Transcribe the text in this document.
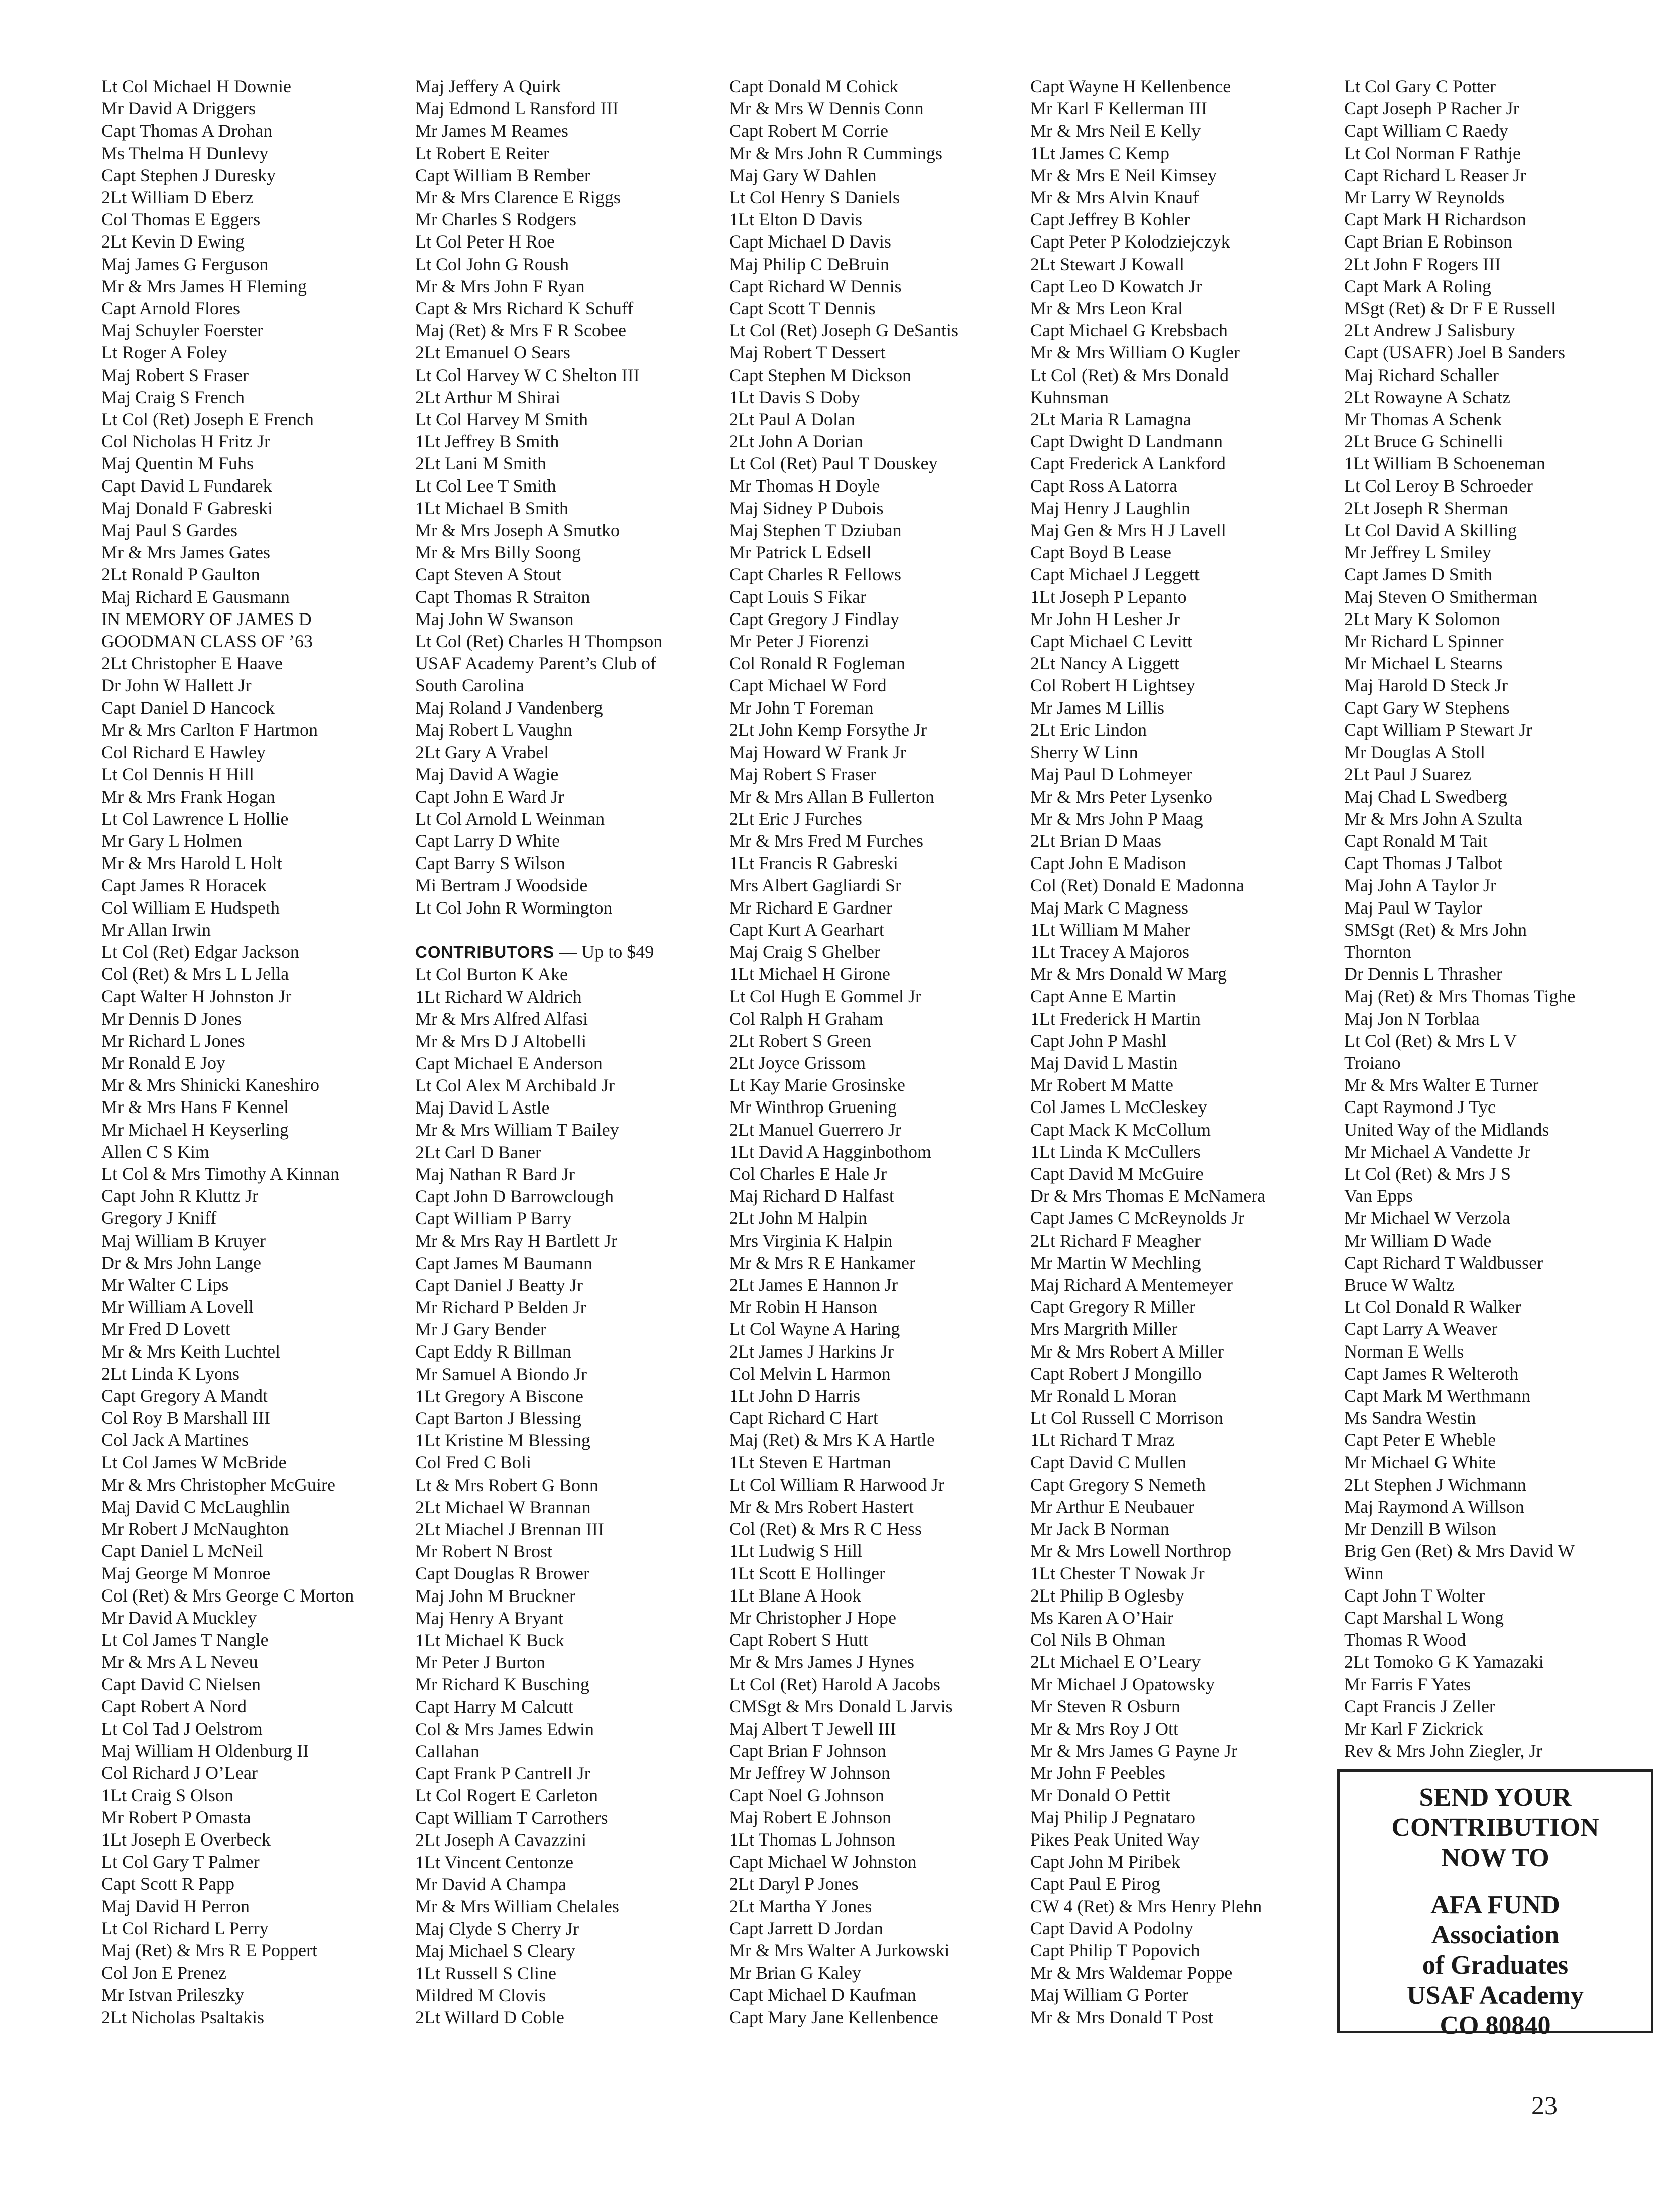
Lt Col Michael H Downie
Mr David A Driggers
Capt Thomas A Drohan
Ms Thelma H Dunlevy
Capt Stephen J Duresky
2Lt William D Eberz
Col Thomas E Eggers
2Lt Kevin D Ewing
Maj James G Ferguson
Mr & Mrs James H Fleming
Capt Arnold Flores
Maj Schuyler Foerster
Lt Roger A Foley
Maj Robert S Fraser
Maj Craig S French
Lt Col (Ret) Joseph E French
Col Nicholas H Fritz Jr
Maj Quentin M Fuhs
Capt David L Fundarek
Maj Donald F Gabreski
Maj Paul S Gardes
Mr & Mrs James Gates
2Lt Ronald P Gaulton
Maj Richard E Gausmann
IN MEMORY OF JAMES D
GOODMAN CLASS OF ’63
2Lt Christopher E Haave
Dr John W Hallett Jr
Capt Daniel D Hancock
Mr & Mrs Carlton F Hartmon
Col Richard E Hawley
Lt Col Dennis H Hill
Mr & Mrs Frank Hogan
Lt Col Lawrence L Hollie
Mr Gary L Holmen
Mr & Mrs Harold L Holt
Capt James R Horacek
Col William E Hudspeth
Mr Allan Irwin
Lt Col (Ret) Edgar Jackson
Col (Ret) & Mrs L L Jella
Capt Walter H Johnston Jr
Mr Dennis D Jones
Mr Richard L Jones
Mr Ronald E Joy
Mr & Mrs Shinicki Kaneshiro
Mr & Mrs Hans F Kennel
Mr Michael H Keyserling
Allen C S Kim
Lt Col & Mrs Timothy A Kinnan
Capt John R Kluttz Jr
Gregory J Kniff
Maj William B Kruyer
Dr & Mrs John Lange
Mr Walter C Lips
Mr William A Lovell
Mr Fred D Lovett
Mr & Mrs Keith Luchtel
2Lt Linda K Lyons
Capt Gregory A Mandt
Col Roy B Marshall III
Col Jack A Martines
Lt Col James W McBride
Mr & Mrs Christopher McGuire
Maj David C McLaughlin
Mr Robert J McNaughton
Capt Daniel L McNeil
Maj George M Monroe
Col (Ret) & Mrs George C Morton
Mr David A Muckley
Lt Col James T Nangle
Mr & Mrs A L Neveu
Capt David C Nielsen
Capt Robert A Nord
Lt Col Tad J Oelstrom
Maj William H Oldenburg II
Col Richard J O’Lear
1Lt Craig S Olson
Mr Robert P Omasta
1Lt Joseph E Overbeck
Lt Col Gary T Palmer
Capt Scott R Papp
Maj David H Perron
Lt Col Richard L Perry
Maj (Ret) & Mrs R E Poppert
Col Jon E Prenez
Mr Istvan Prileszky
2Lt Nicholas Psaltakis
Maj Jeffery A Quirk
Maj Edmond L Ransford III
Mr James M Reames
Lt Robert E Reiter
Capt William B Rember
Mr & Mrs Clarence E Riggs
Mr Charles S Rodgers
Lt Col Peter H Roe
Lt Col John G Roush
Mr & Mrs John F Ryan
Capt & Mrs Richard K Schuff
Maj (Ret) & Mrs F R Scobee
2Lt Emanuel O Sears
Lt Col Harvey W C Shelton III
2Lt Arthur M Shirai
Lt Col Harvey M Smith
1Lt Jeffrey B Smith
2Lt Lani M Smith
Lt Col Lee T Smith
1Lt Michael B Smith
Mr & Mrs Joseph A Smutko
Mr & Mrs Billy Soong
Capt Steven A Stout
Capt Thomas R Straiton
Maj John W Swanson
Lt Col (Ret) Charles H Thompson
USAF Academy Parent’s Club of
South Carolina
Maj Roland J Vandenberg
Maj Robert L Vaughn
2Lt Gary A Vrabel
Maj David A Wagie
Capt John E Ward Jr
Lt Col Arnold L Weinman
Capt Larry D White
Capt Barry S Wilson
Mi Bertram J Woodside
Lt Col John R Wormington
CONTRIBUTORS — Up to $49
Lt Col Burton K Ake
1Lt Richard W Aldrich
Mr & Mrs Alfred Alfasi
Mr & Mrs D J Altobelli
Capt Michael E Anderson
Lt Col Alex M Archibald Jr
Maj David L Astle
Mr & Mrs William T Bailey
2Lt Carl D Baner
Maj Nathan R Bard Jr
Capt John D Barrowclough
Capt William P Barry
Mr & Mrs Ray H Bartlett Jr
Capt James M Baumann
Capt Daniel J Beatty Jr
Mr Richard P Belden Jr
Mr J Gary Bender
Capt Eddy R Billman
Mr Samuel A Biondo Jr
1Lt Gregory A Biscone
Capt Barton J Blessing
1Lt Kristine M Blessing
Col Fred C Boli
Lt & Mrs Robert G Bonn
2Lt Michael W Brannan
2Lt Miachel J Brennan III
Mr Robert N Brost
Capt Douglas R Brower
Maj John M Bruckner
Maj Henry A Bryant
1Lt Michael K Buck
Mr Peter J Burton
Mr Richard K Busching
Capt Harry M Calcutt
Col & Mrs James Edwin
Callahan
Capt Frank P Cantrell Jr
Lt Col Rogert E Carleton
Capt William T Carrothers
2Lt Joseph A Cavazzini
1Lt Vincent Centonze
Mr David A Champa
Mr & Mrs William Chelales
Maj Clyde S Cherry Jr
Maj Michael S Cleary
1Lt Russell S Cline
Mildred M Clovis
2Lt Willard D Coble
Capt Donald M Cohick
Mr & Mrs W Dennis Conn
Capt Robert M Corrie
Mr & Mrs John R Cummings
Maj Gary W Dahlen
Lt Col Henry S Daniels
1Lt Elton D Davis
Capt Michael D Davis
Maj Philip C DeBruin
Capt Richard W Dennis
Capt Scott T Dennis
Lt Col (Ret) Joseph G DeSantis
Maj Robert T Dessert
Capt Stephen M Dickson
1Lt Davis S Doby
2Lt Paul A Dolan
2Lt John A Dorian
Lt Col (Ret) Paul T Douskey
Mr Thomas H Doyle
Maj Sidney P Dubois
Maj Stephen T Dziuban
Mr Patrick L Edsell
Capt Charles R Fellows
Capt Louis S Fikar
Capt Gregory J Findlay
Mr Peter J Fiorenzi
Col Ronald R Fogleman
Capt Michael W Ford
Mr John T Foreman
2Lt John Kemp Forsythe Jr
Maj Howard W Frank Jr
Maj Robert S Fraser
Mr & Mrs Allan B Fullerton
2Lt Eric J Furches
Mr & Mrs Fred M Furches
1Lt Francis R Gabreski
Mrs Albert Gagliardi Sr
Mr Richard E Gardner
Capt Kurt A Gearhart
Maj Craig S Ghelber
1Lt Michael H Girone
Lt Col Hugh E Gommel Jr
Col Ralph H Graham
2Lt Robert S Green
2Lt Joyce Grissom
Lt Kay Marie Grosinske
Mr Winthrop Gruening
2Lt Manuel Guerrero Jr
1Lt David A Hagginbothom
Col Charles E Hale Jr
Maj Richard D Halfast
2Lt John M Halpin
Mrs Virginia K Halpin
Mr & Mrs R E Hankamer
2Lt James E Hannon Jr
Mr Robin H Hanson
Lt Col Wayne A Haring
2Lt James J Harkins Jr
Col Melvin L Harmon
1Lt John D Harris
Capt Richard C Hart
Maj (Ret) & Mrs K A Hartle
1Lt Steven E Hartman
Lt Col William R Harwood Jr
Mr & Mrs Robert Hastert
Col (Ret) & Mrs R C Hess
1Lt Ludwig S Hill
1Lt Scott E Hollinger
1Lt Blane A Hook
Mr Christopher J Hope
Capt Robert S Hutt
Mr & Mrs James J Hynes
Lt Col (Ret) Harold A Jacobs
CMSgt & Mrs Donald L Jarvis
Maj Albert T Jewell III
Capt Brian F Johnson
Mr Jeffrey W Johnson
Capt Noel G Johnson
Maj Robert E Johnson
1Lt Thomas L Johnson
Capt Michael W Johnston
2Lt Daryl P Jones
2Lt Martha Y Jones
Capt Jarrett D Jordan
Mr & Mrs Walter A Jurkowski
Mr Brian G Kaley
Capt Michael D Kaufman
Capt Mary Jane Kellenbence
Capt Wayne H Kellenbence
Mr Karl F Kellerman III
Mr & Mrs Neil E Kelly
1Lt James C Kemp
Mr & Mrs E Neil Kimsey
Mr & Mrs Alvin Knauf
Capt Jeffrey B Kohler
Capt Peter P Kolodziejczyk
2Lt Stewart J Kowall
Capt Leo D Kowatch Jr
Mr & Mrs Leon Kral
Capt Michael G Krebsbach
Mr & Mrs William O Kugler
Lt Col (Ret) & Mrs Donald
Kuhnsman
2Lt Maria R Lamagna
Capt Dwight D Landmann
Capt Frederick A Lankford
Capt Ross A Latorra
Maj Henry J Laughlin
Maj Gen & Mrs H J Lavell
Capt Boyd B Lease
Capt Michael J Leggett
1Lt Joseph P Lepanto
Mr John H Lesher Jr
Capt Michael C Levitt
2Lt Nancy A Liggett
Col Robert H Lightsey
Mr James M Lillis
2Lt Eric Lindon
Sherry W Linn
Maj Paul D Lohmeyer
Mr & Mrs Peter Lysenko
Mr & Mrs John P Maag
2Lt Brian D Maas
Capt John E Madison
Col (Ret) Donald E Madonna
Maj Mark C Magness
1Lt William M Maher
1Lt Tracey A Majoros
Mr & Mrs Donald W Marg
Capt Anne E Martin
1Lt Frederick H Martin
Capt John P Mashl
Maj David L Mastin
Mr Robert M Matte
Col James L McCleskey
Capt Mack K McCollum
1Lt Linda K McCullers
Capt David M McGuire
Dr & Mrs Thomas E McNamera
Capt James C McReynolds Jr
2Lt Richard F Meagher
Mr Martin W Mechling
Maj Richard A Mentemeyer
Capt Gregory R Miller
Mrs Margrith Miller
Mr & Mrs Robert A Miller
Capt Robert J Mongillo
Mr Ronald L Moran
Lt Col Russell C Morrison
1Lt Richard T Mraz
Capt David C Mullen
Capt Gregory S Nemeth
Mr Arthur E Neubauer
Mr Jack B Norman
Mr & Mrs Lowell Northrop
1Lt Chester T Nowak Jr
2Lt Philip B Oglesby
Ms Karen A O’Hair
Col Nils B Ohman
2Lt Michael E O’Leary
Mr Michael J Opatowsky
Mr Steven R Osburn
Mr & Mrs Roy J Ott
Mr & Mrs James G Payne Jr
Mr John F Peebles
Mr Donald O Pettit
Maj Philip J Pegnataro
Pikes Peak United Way
Capt John M Piribek
Capt Paul E Pirog
CW 4 (Ret) & Mrs Henry Plehn
Capt David A Podolny
Capt Philip T Popovich
Mr & Mrs Waldemar Poppe
Maj William G Porter
Mr & Mrs Donald T Post
Lt Col Gary C Potter
Capt Joseph P Racher Jr
Capt William C Raedy
Lt Col Norman F Rathje
Capt Richard L Reaser Jr
Mr Larry W Reynolds
Capt Mark H Richardson
Capt Brian E Robinson
2Lt John F Rogers III
Capt Mark A Roling
MSgt (Ret) & Dr F E Russell
2Lt Andrew J Salisbury
Capt (USAFR) Joel B Sanders
Maj Richard Schaller
2Lt Rowayne A Schatz
Mr Thomas A Schenk
2Lt Bruce G Schinelli
1Lt William B Schoeneman
Lt Col Leroy B Schroeder
2Lt Joseph R Sherman
Lt Col David A Skilling
Mr Jeffrey L Smiley
Capt James D Smith
Maj Steven O Smitherman
2Lt Mary K Solomon
Mr Richard L Spinner
Mr Michael L Stearns
Maj Harold D Steck Jr
Capt Gary W Stephens
Capt William P Stewart Jr
Mr Douglas A Stoll
2Lt Paul J Suarez
Maj Chad L Swedberg
Mr & Mrs John A Szulta
Capt Ronald M Tait
Capt Thomas J Talbot
Maj John A Taylor Jr
Maj Paul W Taylor
SMSgt (Ret) & Mrs John
Thornton
Dr Dennis L Thrasher
Maj (Ret) & Mrs Thomas Tighe
Maj Jon N Torblaa
Lt Col (Ret) & Mrs L V
Troiano
Mr & Mrs Walter E Turner
Capt Raymond J Tyc
United Way of the Midlands
Mr Michael A Vandette Jr
Lt Col (Ret) & Mrs J S
Van Epps
Mr Michael W Verzola
Mr William D Wade
Capt Richard T Waldbusser
Bruce W Waltz
Lt Col Donald R Walker
Capt Larry A Weaver
Norman E Wells
Capt James R Welteroth
Capt Mark M Werthmann
Ms Sandra Westin
Capt Peter E Wheble
Mr Michael G White
2Lt Stephen J Wichmann
Maj Raymond A Willson
Mr Denzill B Wilson
Brig Gen (Ret) & Mrs David W
Winn
Capt John T Wolter
Capt Marshal L Wong
Thomas R Wood
2Lt Tomoko G K Yamazaki
Mr Farris F Yates
Capt Francis J Zeller
Mr Karl F Zickrick
Rev & Mrs John Ziegler, Jr
SEND YOUR
CONTRIBUTION
NOW TO
AFA FUND
Association
of Graduates
USAF Academy
CO 80840
23
